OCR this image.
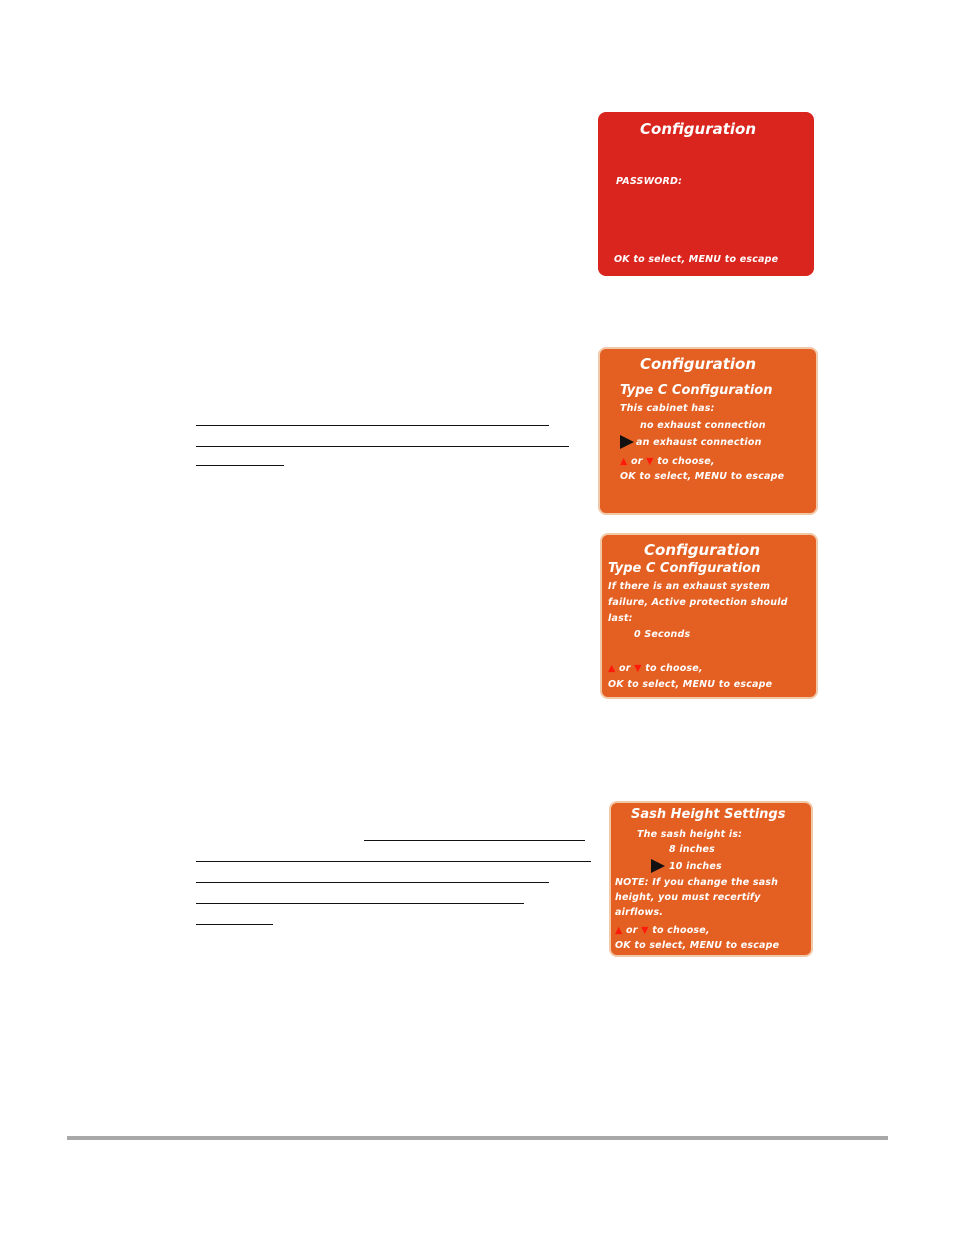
Configuration
PASSWORD:
OK to select, MENU to escape
Configuration
Type C Configuration
This cabinet has:
no exhaust connection
an exhaust connection
▲ or ▼ to choose,
OK to select, MENU to escape
Configuration
Type C Configuration
If there is an exhaust system
failure, Active protection should
last:
0 Seconds
▲ or ▼ to choose,
OK to select, MENU to escape
Sash Height Settings
The sash height is:
8 inches
10 inches
NOTE: If you change the sash
height, you must recertify
airflows.
▲ or ▼ to choose,
OK to select, MENU to escape
